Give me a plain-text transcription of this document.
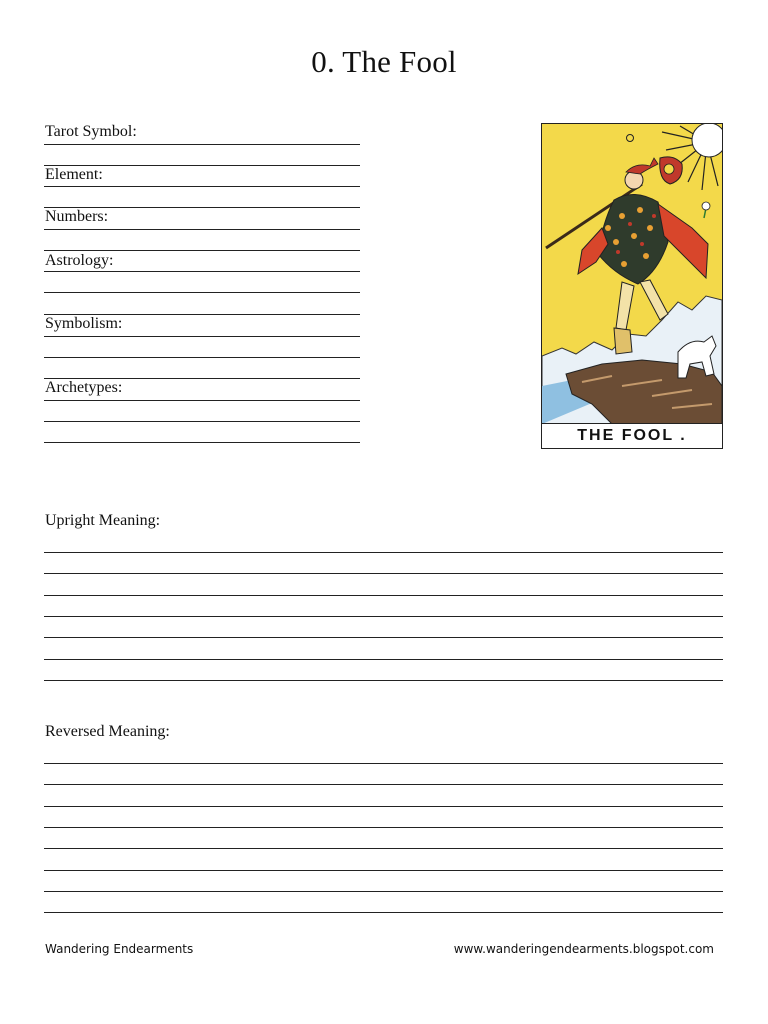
0. The Fool
Tarot Symbol:
Element:
Numbers:
Astrology:
Symbolism:
Archetypes:
THE FOOL .
Upright Meaning:
Reversed Meaning:
Wandering Endearments	www.wanderingendearments.blogspot.com
